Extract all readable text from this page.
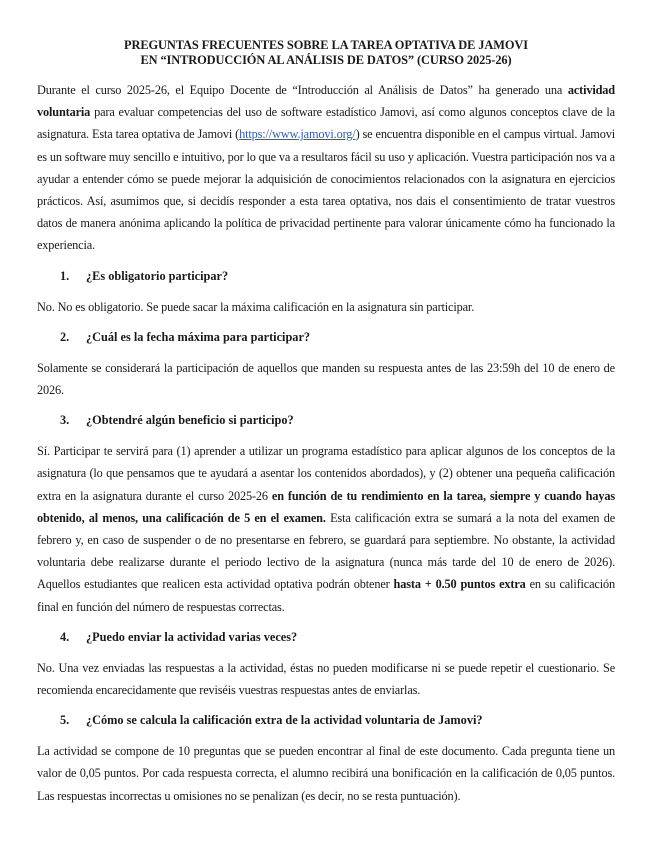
PREGUNTAS FRECUENTES SOBRE LA TAREA OPTATIVA DE JAMOVI
EN “INTRODUCCIÓN AL ANÁLISIS DE DATOS” (CURSO 2025-26)

Durante el curso 2025-26, el Equipo Docente de “Introducción al Análisis de Datos” ha generado una actividad voluntaria para evaluar competencias del uso de software estadístico Jamovi, así como algunos conceptos clave de la asignatura. Esta tarea optativa de Jamovi (https://www.jamovi.org/) se encuentra disponible en el campus virtual. Jamovi es un software muy sencillo e intuitivo, por lo que va a resultaros fácil su uso y aplicación. Vuestra participación nos va a ayudar a entender cómo se puede mejorar la adquisición de conocimientos relacionados con la asignatura en ejercicios prácticos. Así, asumimos que, si decidís responder a esta tarea optativa, nos dais el consentimiento de tratar vuestros datos de manera anónima aplicando la política de privacidad pertinente para valorar únicamente cómo ha funcionado la experiencia.

1.	¿Es obligatorio participar?

No. No es obligatorio. Se puede sacar la máxima calificación en la asignatura sin participar.

2.	¿Cuál es la fecha máxima para participar?

Solamente se considerará la participación de aquellos que manden su respuesta antes de las 23:59h del 10 de enero de 2026.

3.	¿Obtendré algún beneficio si participo?

Sí. Participar te servirá para (1) aprender a utilizar un programa estadístico para aplicar algunos de los conceptos de la asignatura (lo que pensamos que te ayudará a asentar los contenidos abordados), y (2) obtener una pequeña calificación extra en la asignatura durante el curso 2025-26 en función de tu rendimiento en la tarea, siempre y cuando hayas obtenido, al menos, una calificación de 5 en el examen. Esta calificación extra se sumará a la nota del examen de febrero y, en caso de suspender o de no presentarse en febrero, se guardará para septiembre. No obstante, la actividad voluntaria debe realizarse durante el periodo lectivo de la asignatura (nunca más tarde del 10 de enero de 2026). Aquellos estudiantes que realicen esta actividad optativa podrán obtener hasta + 0.50 puntos extra en su calificación final en función del número de respuestas correctas.

4.	¿Puedo enviar la actividad varias veces?

No. Una vez enviadas las respuestas a la actividad, éstas no pueden modificarse ni se puede repetir el cuestionario. Se recomienda encarecidamente que reviséis vuestras respuestas antes de enviarlas.

5.	¿Cómo se calcula la calificación extra de la actividad voluntaria de Jamovi?

La actividad se compone de 10 preguntas que se pueden encontrar al final de este documento. Cada pregunta tiene un valor de 0,05 puntos. Por cada respuesta correcta, el alumno recibirá una bonificación en la calificación de 0,05 puntos. Las respuestas incorrectas u omisiones no se penalizan (es decir, no se resta puntuación).
